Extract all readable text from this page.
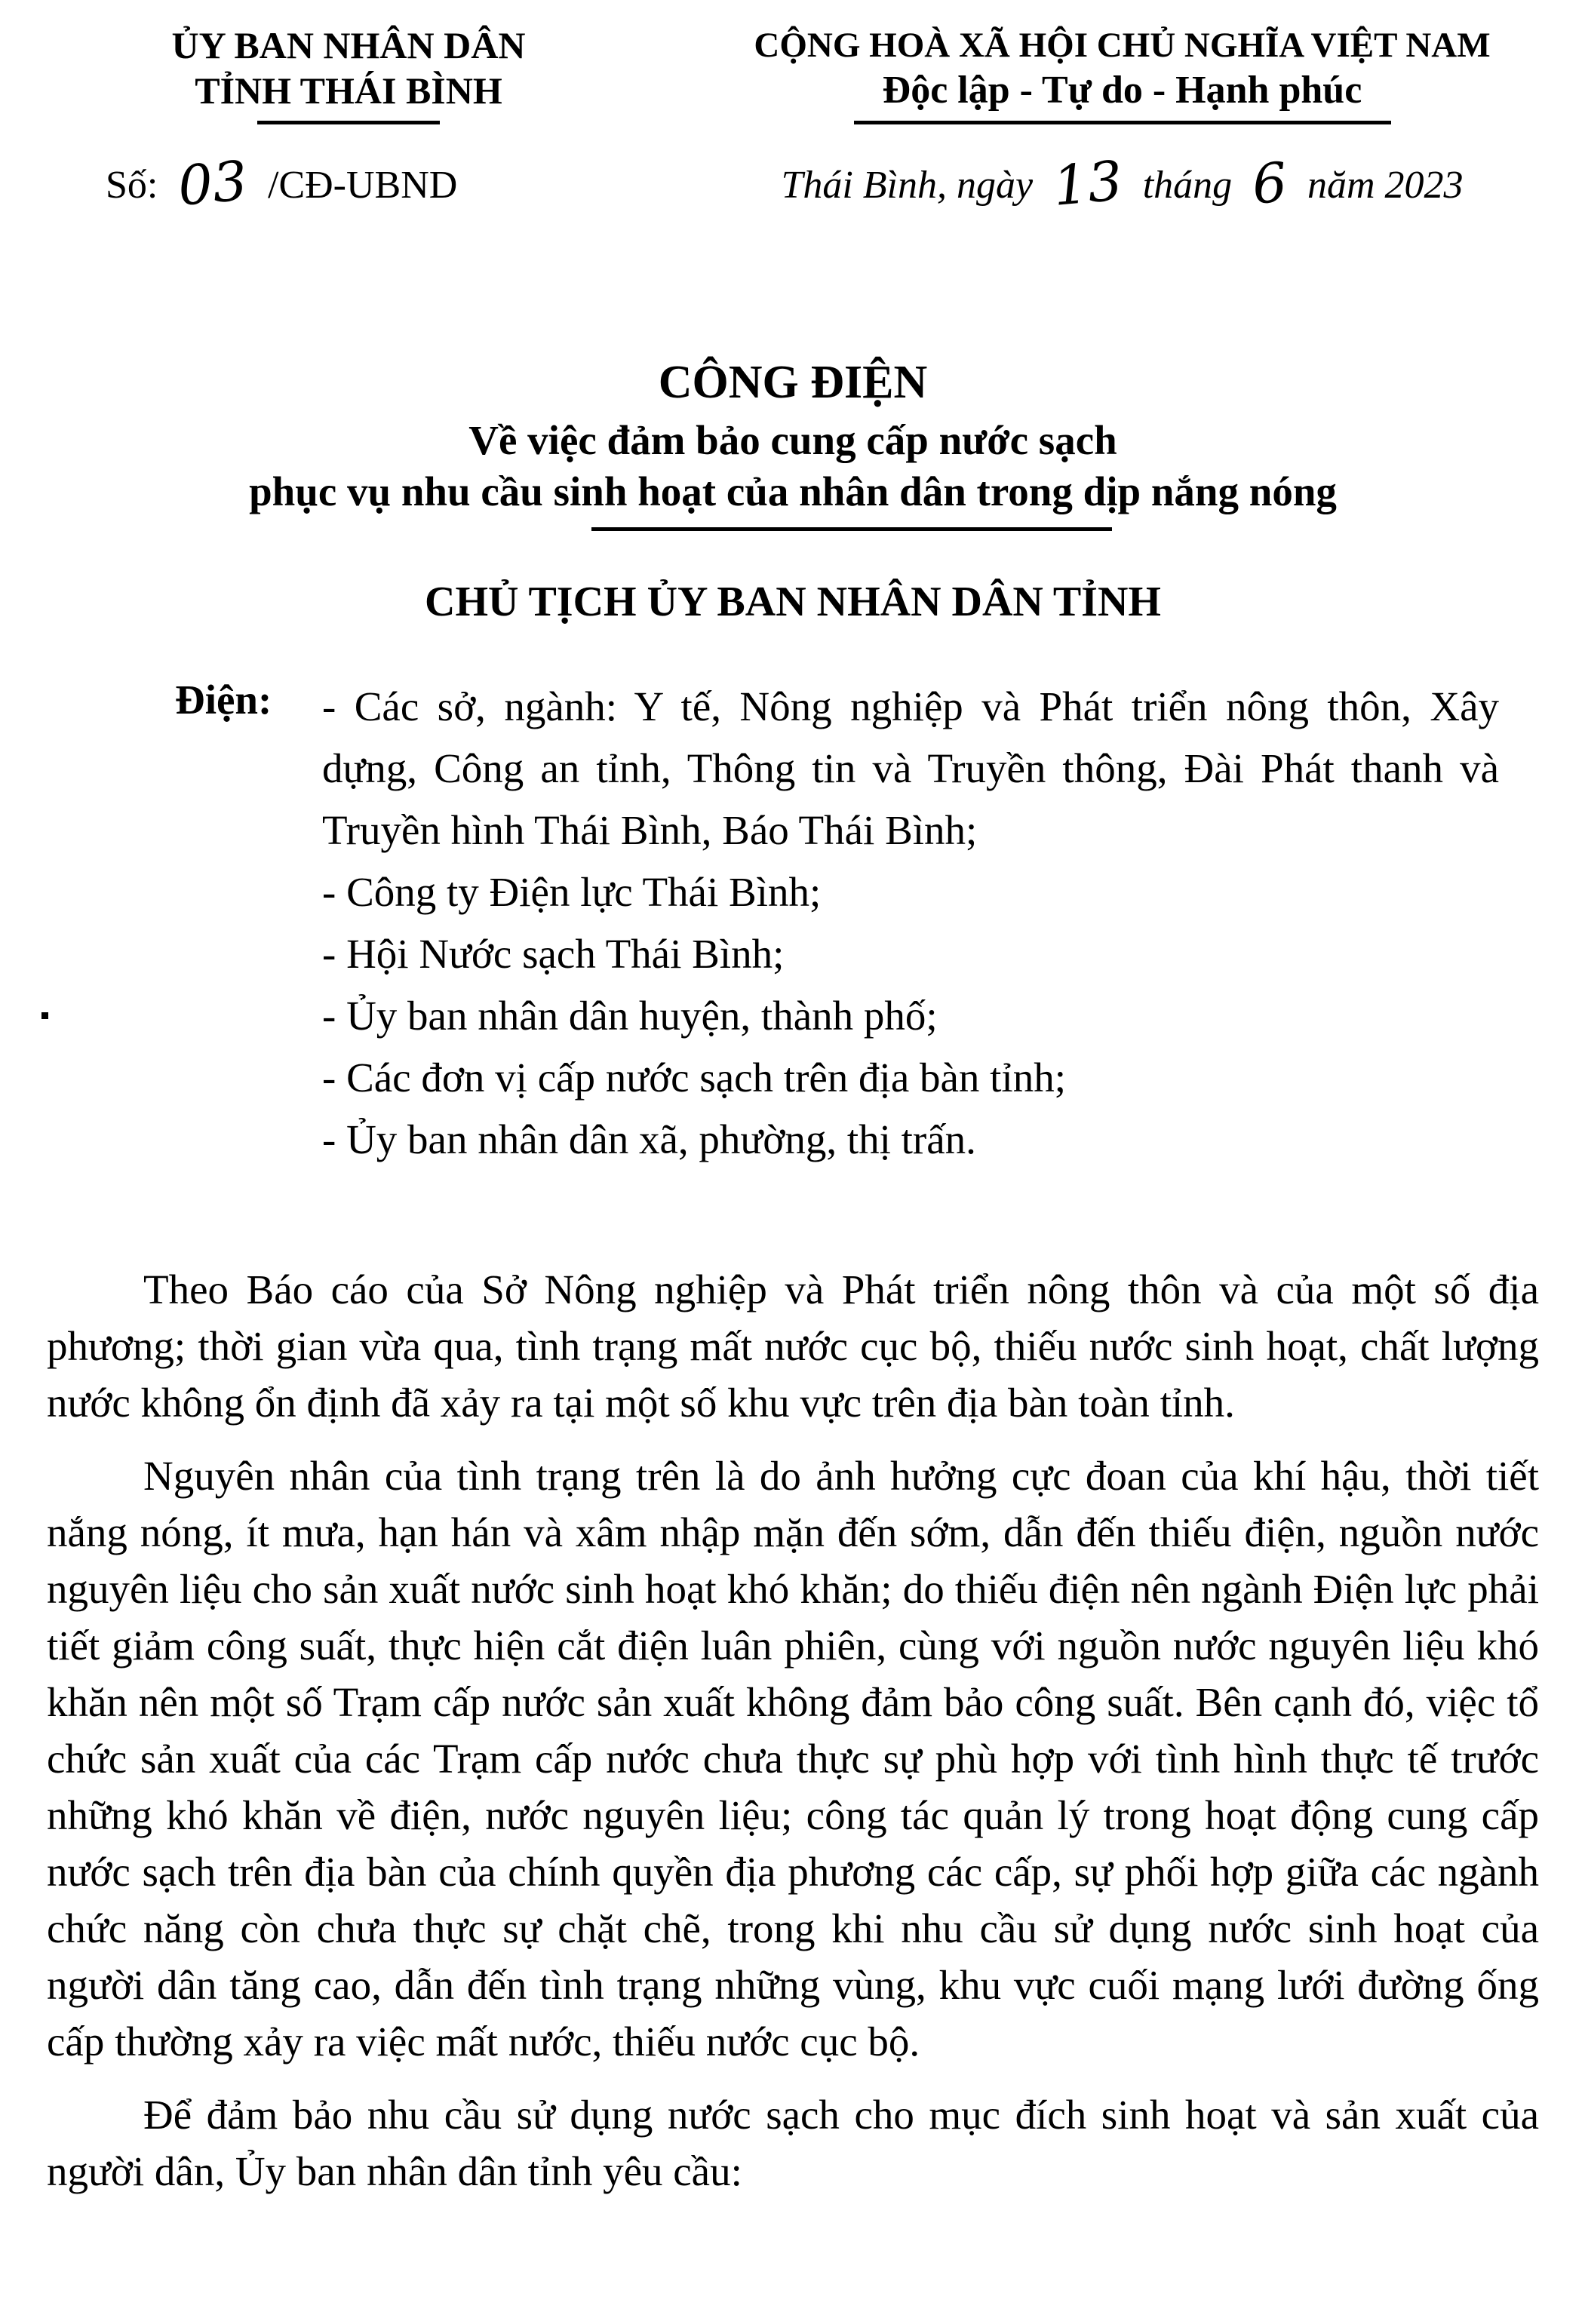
ỦY BAN NHÂN DÂN
TỈNH THÁI BÌNH
CỘNG HOÀ XÃ HỘI CHỦ NGHĨA VIỆT NAM
Độc lập - Tự do - Hạnh phúc
Số: 03 /CĐ-UBND	Thái Bình, ngày 13 tháng 6 năm 2023
CÔNG ĐIỆN
Về việc đảm bảo cung cấp nước sạch
phục vụ nhu cầu sinh hoạt của nhân dân trong dịp nắng nóng
CHỦ TỊCH ỦY BAN NHÂN DÂN TỈNH
Điện: - Các sở, ngành: Y tế, Nông nghiệp và Phát triển nông thôn, Xây dựng, Công an tỉnh, Thông tin và Truyền thông, Đài Phát thanh và Truyền hình Thái Bình, Báo Thái Bình;
- Công ty Điện lực Thái Bình;
- Hội Nước sạch Thái Bình;
- Ủy ban nhân dân huyện, thành phố;
- Các đơn vị cấp nước sạch trên địa bàn tỉnh;
- Ủy ban nhân dân xã, phường, thị trấn.

Theo Báo cáo của Sở Nông nghiệp và Phát triển nông thôn và của một số địa phương; thời gian vừa qua, tình trạng mất nước cục bộ, thiếu nước sinh hoạt, chất lượng nước không ổn định đã xảy ra tại một số khu vực trên địa bàn toàn tỉnh.

Nguyên nhân của tình trạng trên là do ảnh hưởng cực đoan của khí hậu, thời tiết nắng nóng, ít mưa, hạn hán và xâm nhập mặn đến sớm, dẫn đến thiếu điện, nguồn nước nguyên liệu cho sản xuất nước sinh hoạt khó khăn; do thiếu điện nên ngành Điện lực phải tiết giảm công suất, thực hiện cắt điện luân phiên, cùng với nguồn nước nguyên liệu khó khăn nên một số Trạm cấp nước sản xuất không đảm bảo công suất. Bên cạnh đó, việc tổ chức sản xuất của các Trạm cấp nước chưa thực sự phù hợp với tình hình thực tế trước những khó khăn về điện, nước nguyên liệu; công tác quản lý trong hoạt động cung cấp nước sạch trên địa bàn của chính quyền địa phương các cấp, sự phối hợp giữa các ngành chức năng còn chưa thực sự chặt chẽ, trong khi nhu cầu sử dụng nước sinh hoạt của người dân tăng cao, dẫn đến tình trạng những vùng, khu vực cuối mạng lưới đường ống cấp thường xảy ra việc mất nước, thiếu nước cục bộ.

Để đảm bảo nhu cầu sử dụng nước sạch cho mục đích sinh hoạt và sản xuất của người dân, Ủy ban nhân dân tỉnh yêu cầu:
